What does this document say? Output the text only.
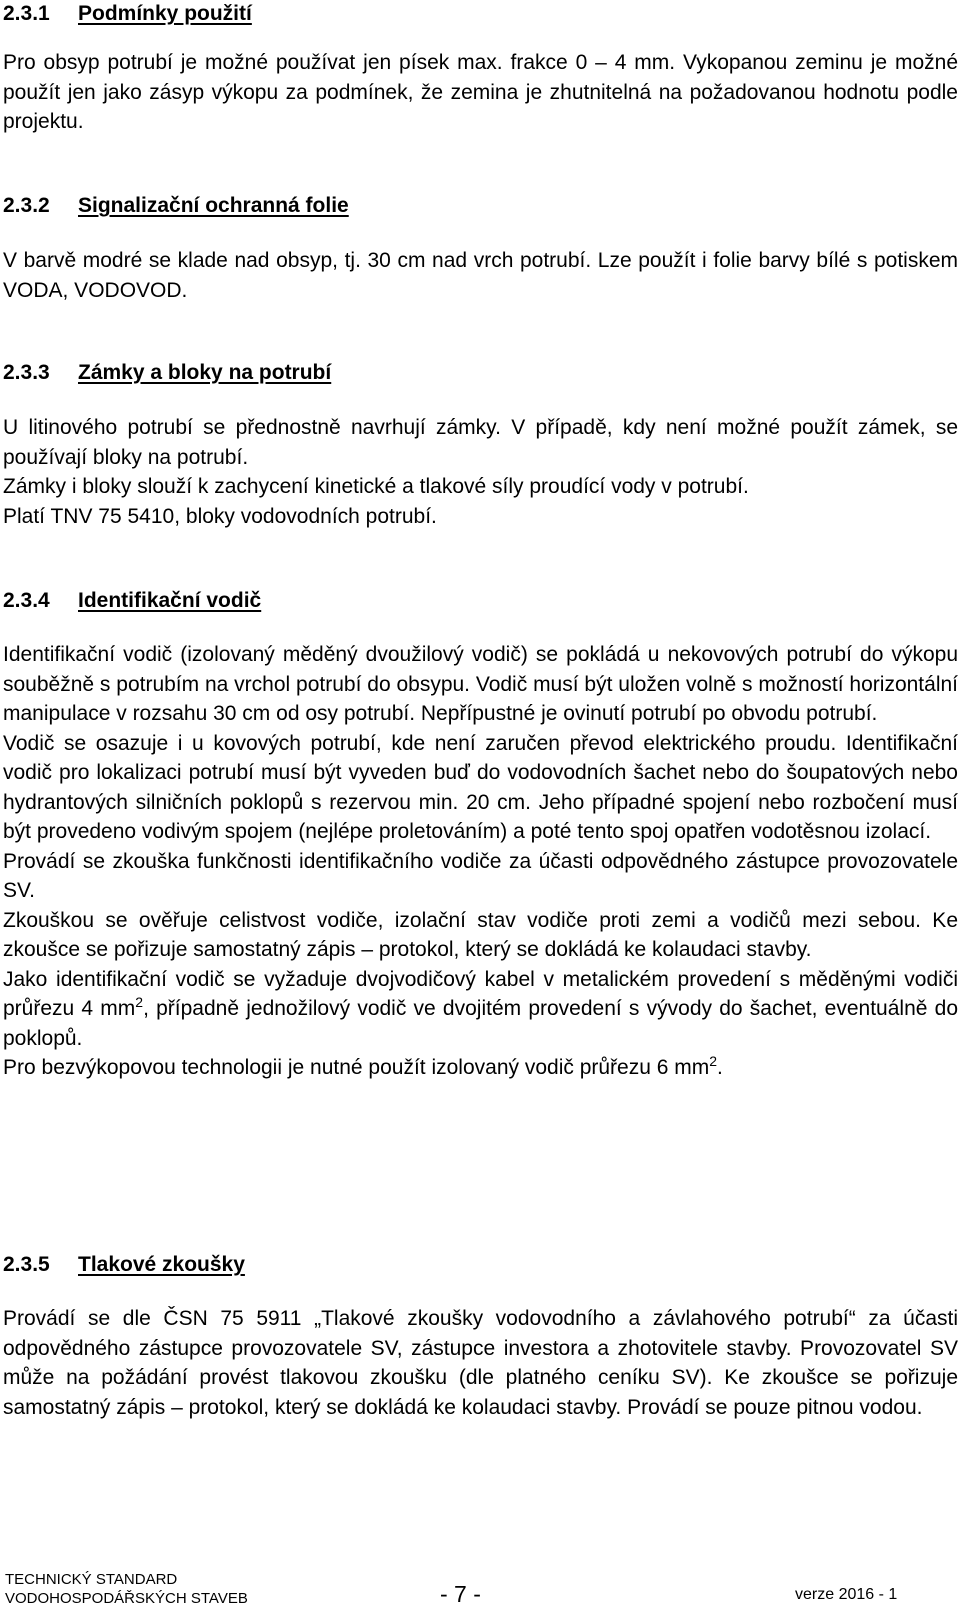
2.3.1 Podmínky použití

Pro obsyp potrubí je možné používat jen písek max. frakce 0 – 4 mm. Vykopanou zeminu je možné použít jen jako zásyp výkopu za podmínek, že zemina je zhutnitelná na požadovanou hodnotu podle projektu.

2.3.2 Signalizační ochranná folie

V barvě modré se klade nad obsyp, tj. 30 cm nad vrch potrubí. Lze použít i folie barvy bílé s potiskem VODA, VODOVOD.

2.3.3 Zámky a bloky na potrubí

U litinového potrubí se přednostně navrhují zámky. V případě, kdy není možné použít zámek, se používají bloky na potrubí.

Zámky i bloky slouží k zachycení kinetické a tlakové síly proudící vody v potrubí.

Platí TNV 75 5410, bloky vodovodních potrubí.

2.3.4 Identifikační vodič

Identifikační vodič (izolovaný měděný dvoužilový vodič) se pokládá u nekovových potrubí do výkopu souběžně s potrubím na vrchol potrubí do obsypu. Vodič musí být uložen volně s možností horizontální manipulace v rozsahu 30 cm od osy potrubí. Nepřípustné je ovinutí potrubí po obvodu potrubí.

Vodič se osazuje i u kovových potrubí, kde není zaručen převod elektrického proudu. Identifikační vodič pro lokalizaci potrubí musí být vyveden buď do vodovodních šachet nebo do šoupatových nebo hydrantových silničních poklopů s rezervou min. 20 cm. Jeho případné spojení nebo rozbočení musí být provedeno vodivým spojem (nejlépe proletováním) a poté tento spoj opatřen vodotěsnou izolací.

Provádí se zkouška funkčnosti identifikačního vodiče za účasti odpovědného zástupce provozovatele SV.

Zkouškou se ověřuje celistvost vodiče, izolační stav vodiče proti zemi a vodičů mezi sebou. Ke zkoušce se pořizuje samostatný zápis – protokol, který se dokládá ke kolaudaci stavby.

Jako identifikační vodič se vyžaduje dvojvodičový kabel v metalickém provedení s měděnými vodiči průřezu 4 $mm^2$, případně jednožilový vodič ve dvojitém provedení s vývody do šachet, eventuálně do poklopů.

Pro bezvýkopovou technologii je nutné použít izolovaný vodič průřezu 6 $mm^2$.

2.3.5 Tlakové zkoušky

Provádí se dle ČSN 75 5911 „Tlakové zkoušky vodovodního a závlahového potrubí“ za účasti odpovědného zástupce provozovatele SV, zástupce investora a zhotovitele stavby. Provozovatel SV může na požádání provést tlakovou zkoušku (dle platného ceníku SV). Ke zkoušce se pořizuje samostatný zápis – protokol, který se dokládá ke kolaudaci stavby. Provádí se pouze pitnou vodou.

TECHNICKÝ STANDARD
VODOHOSPODÁŘSKÝCH STAVEB	- 7 -	verze 2016 - 1
